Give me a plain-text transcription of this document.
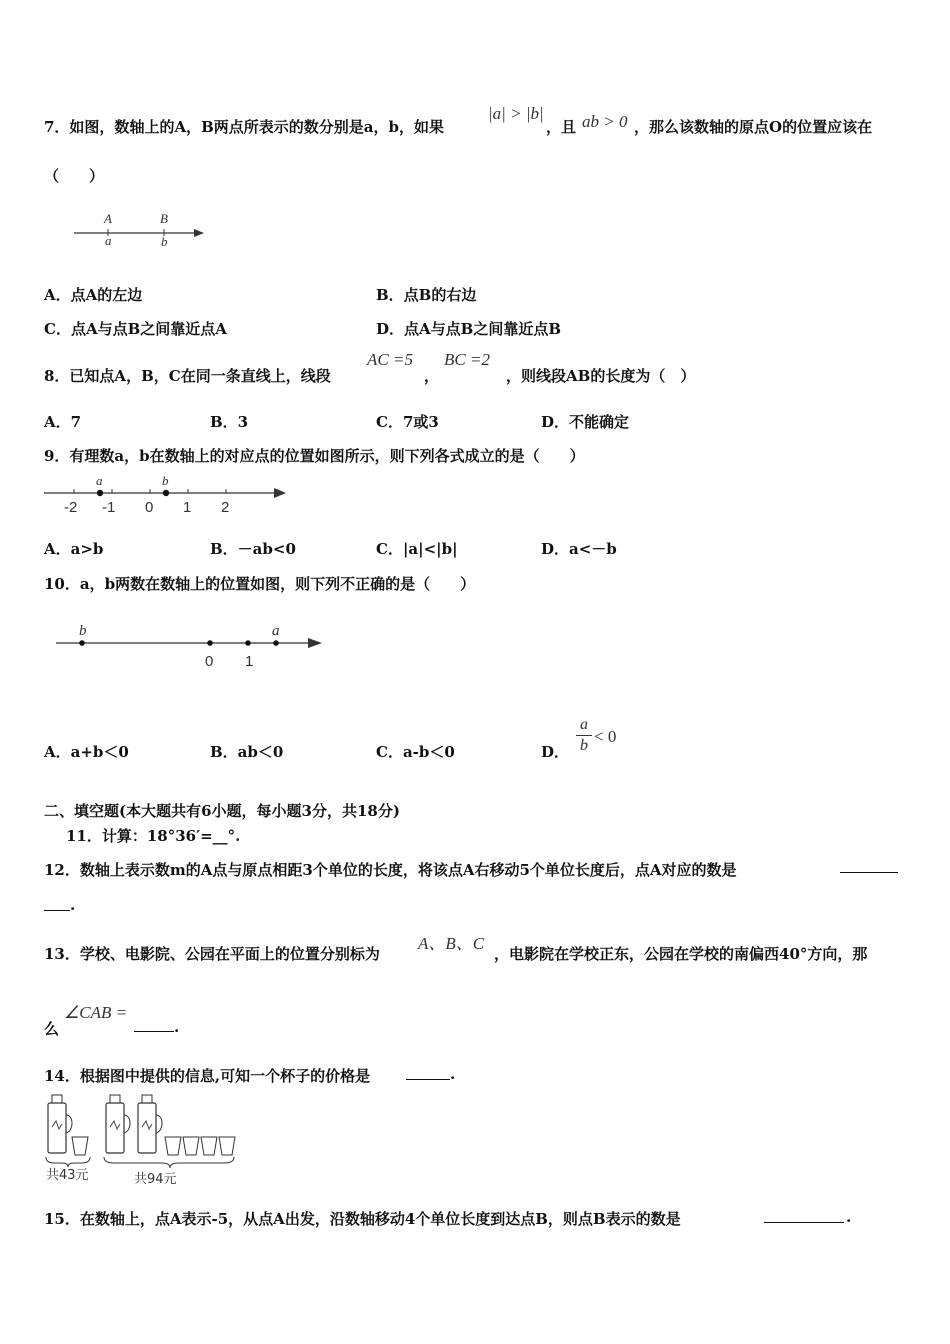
7．如图，数轴上的A，B两点所表示的数分别是a，b，如果
|a| > |b|
，且 ab > 0 ，那么该数轴的原点O的位置应该在
（　　）
A	B
a	b
A．点A的左边	B．点B的右边
C．点A与点B之间靠近点A	D．点A与点B之间靠近点B
8．已知点A，B，C在同一条直线上，线段
AC =5
，
BC =2
，则线段AB的长度为（　）
A．7	B．3	C．7或3	D．不能确定
9．有理数a，b在数轴上的对应点的位置如图所示，则下列各式成立的是（　　）
a	b
-2 -1 0 1 2
A．a>b	B．－ab<0	C．|a|<|b|	D．a<－b
10．a，b两数在数轴上的位置如图，则下列不正确的是（　　）
b	a
0 1
A．a+b＜0	B．ab＜0	C．a-b＜0	D．
a
b < 0
二、填空题(本大题共有6小题，每小题3分，共18分)
11．计算：18°36′=__°.
12．数轴上表示数m的A点与原点相距3个单位的长度，将该点A右移动5个单位长度后，点A对应的数是
.
13．学校、电影院、公园在平面上的位置分别标为
A、B、C
，电影院在学校正东，公园在学校的南偏西40°方向，那
么
∠CAB =
.
14．根据图中提供的信息,可知一个杯子的价格是	.
共43元	共94元
15．在数轴上，点A表示-5，从点A出发，沿数轴移动4个单位长度到达点B，则点B表示的数是	.
